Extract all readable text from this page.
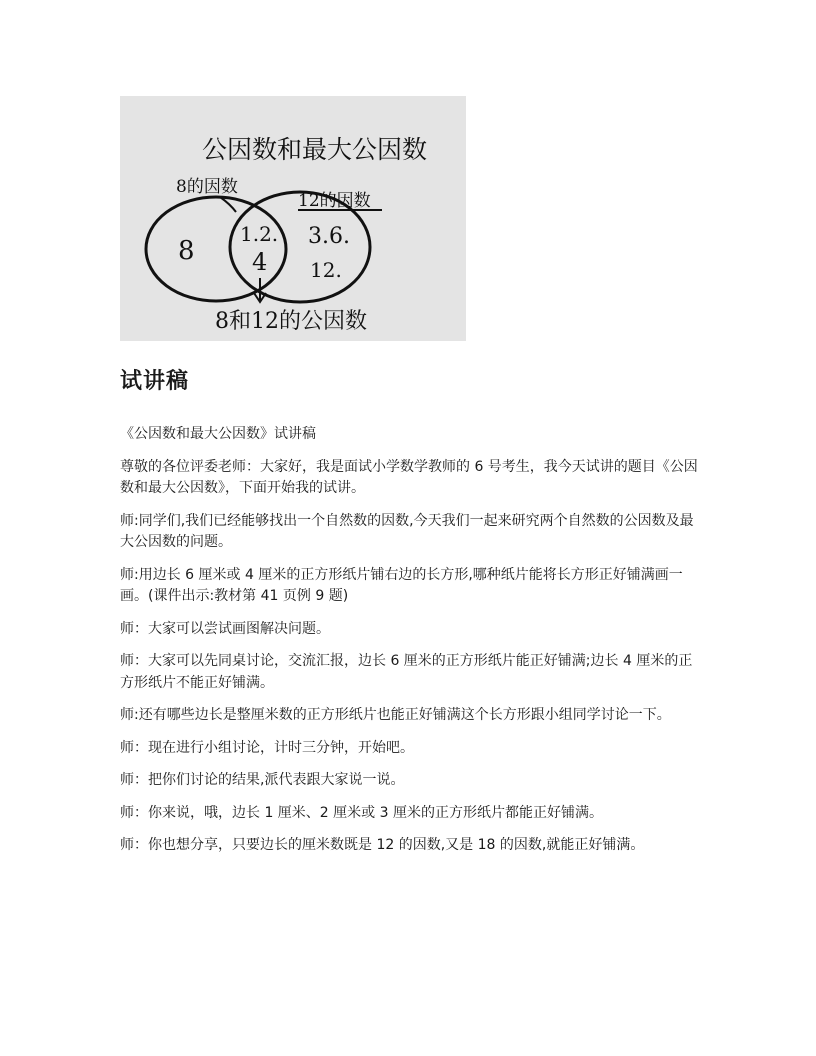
公因数和最大公因数
8的因数
12的因数
8
1.2.
4
3.6.
12.
8和12的公因数
试讲稿

《公因数和最大公因数》试讲稿

尊敬的各位评委老师：大家好，我是面试小学数学教师的 6 号考生，我今天试讲的题目《公因数和最大公因数》，下面开始我的试讲。

师:同学们,我们已经能够找出一个自然数的因数,今天我们一起来研究两个自然数的公因数及最大公因数的问题。

师:用边长 6 厘米或 4 厘米的正方形纸片铺右边的长方形,哪种纸片能将长方形正好铺满画一画。(课件出示:教材第 41 页例 9 题)

师：大家可以尝试画图解决问题。

师：大家可以先同桌讨论，交流汇报，边长 6 厘米的正方形纸片能正好铺满;边长 4 厘米的正方形纸片不能正好铺满。

师:还有哪些边长是整厘米数的正方形纸片也能正好铺满这个长方形跟小组同学讨论一下。

师：现在进行小组讨论，计时三分钟，开始吧。

师：把你们讨论的结果,派代表跟大家说一说。

师：你来说，哦，边长 1 厘米、2 厘米或 3 厘米的正方形纸片都能正好铺满。

师：你也想分享，只要边长的厘米数既是 12 的因数,又是 18 的因数,就能正好铺满。
